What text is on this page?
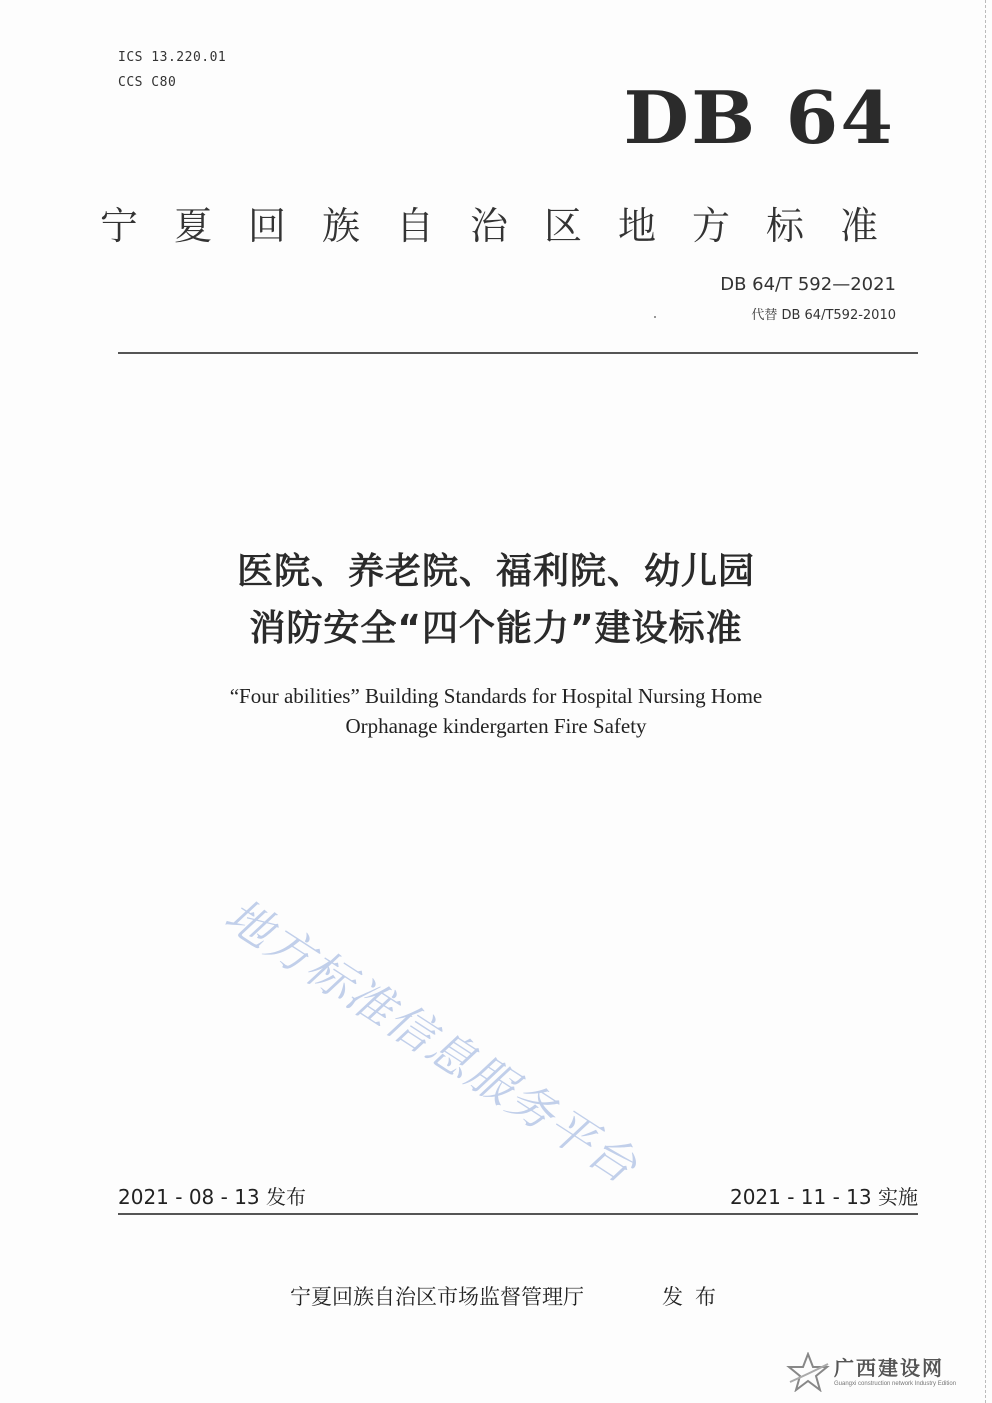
ICS 13.220.01
CCS C80	DB 64
宁夏回族自治区地方标准
DB 64/T 592—2021
代替 DB 64/T592-2010
医院、养老院、福利院、幼儿园
消防安全“四个能力”建设标准
“Four abilities” Building Standards for Hospital Nursing Home
Orphanage kindergarten Fire Safety
地方标准信息服务平台
2021 - 08 - 13 发布	2021 - 11 - 13 实施
宁夏回族自治区市场监督管理厅	发布
广西建设网
Guangxi construction network Industry Edition
